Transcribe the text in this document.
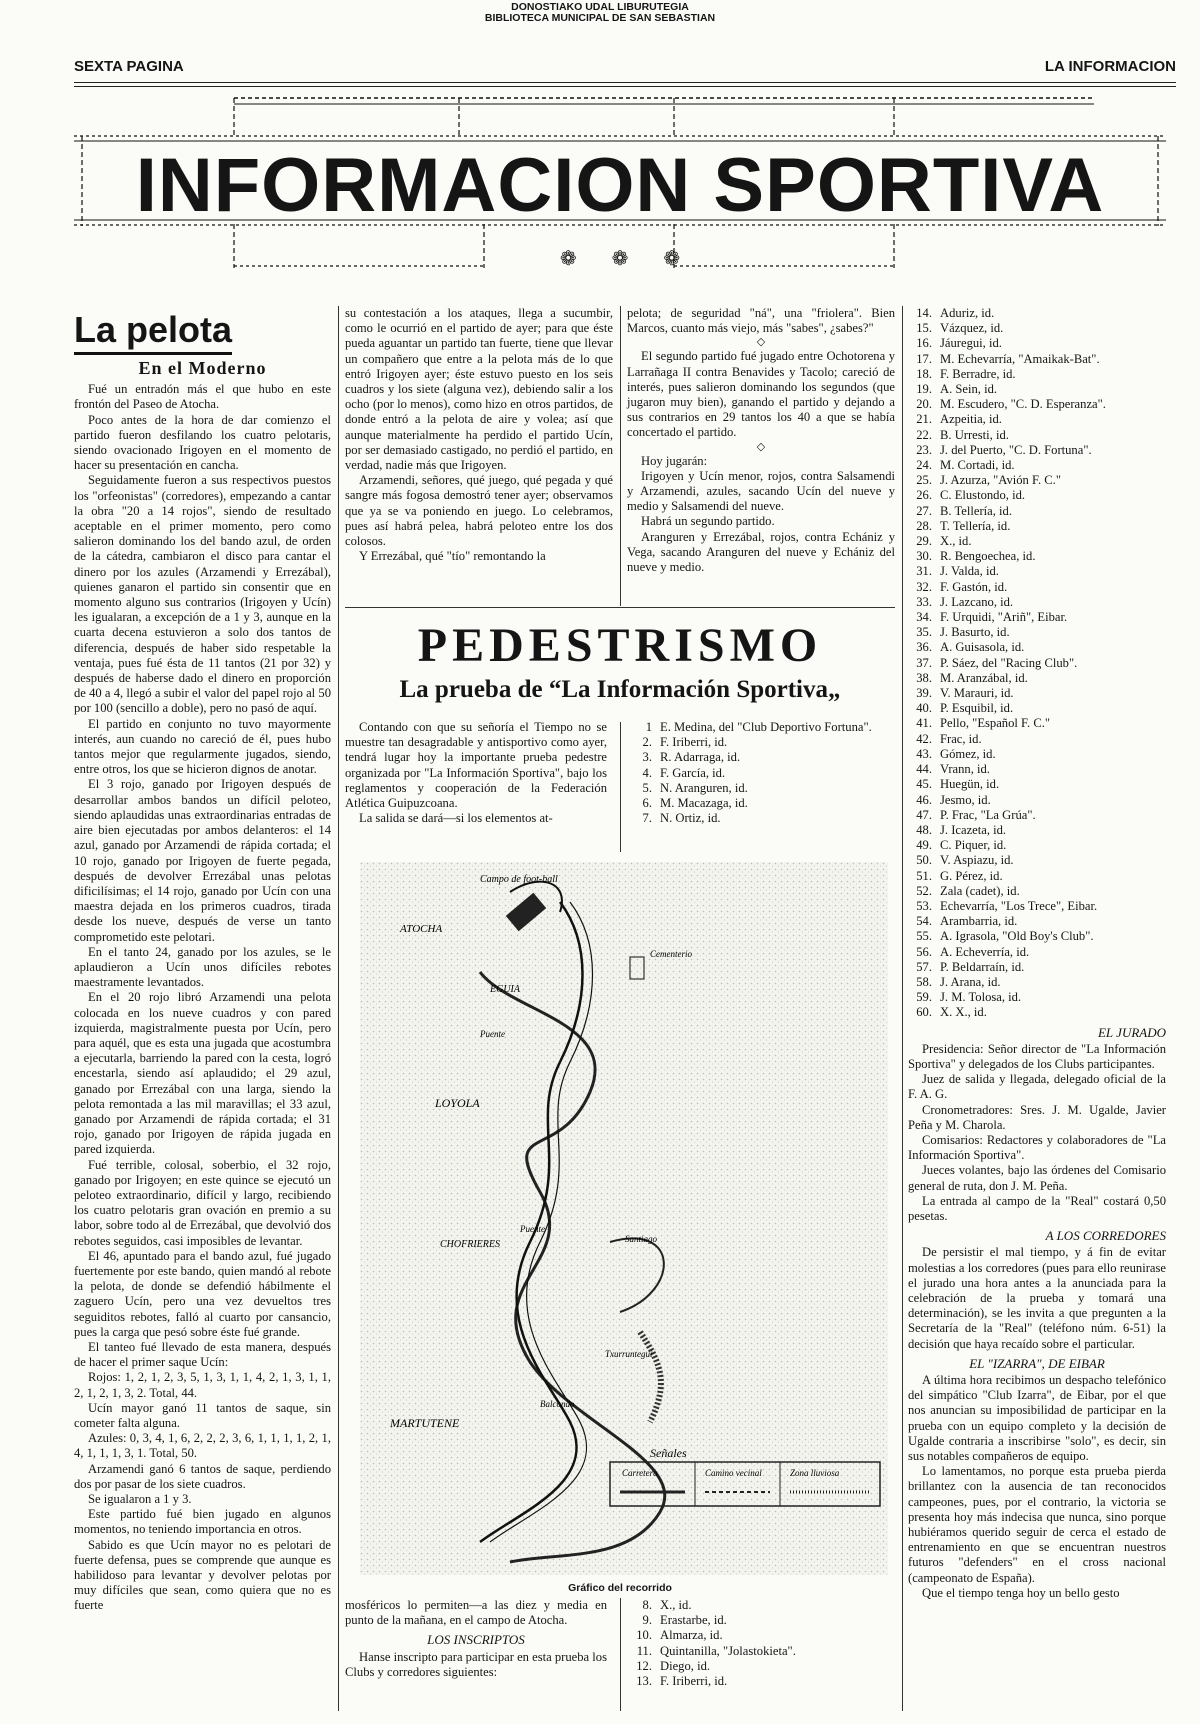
DONOSTIAKO UDAL LIBURUTEGIA
BIBLIOTECA MUNICIPAL DE SAN SEBASTIAN
SEXTA PAGINA	LA INFORMACION
INFORMACION SPORTIVA
❁ ❁ ❁
La pelota
En el Moderno

Fué un entradón más el que hubo en este frontón del Paseo de Atocha.

Poco antes de la hora de dar comienzo el partido fueron desfilando los cuatro pelotaris, siendo ovacionado Irigoyen en el momento de hacer su presentación en cancha.

Seguidamente fueron a sus respectivos puestos los "orfeonistas" (corredores), empezando a cantar la obra "20 a 14 rojos", siendo de resultado aceptable en el primer momento, pero como salieron dominando los del bando azul, de orden de la cátedra, cambiaron el disco para cantar el dinero por los azules (Arzamendi y Errezábal), quienes ganaron el partido sin consentir que en momento alguno sus contrarios (Irigoyen y Ucín) les igualaran, a excepción de a 1 y 3, aunque en la cuarta decena estuvieron a solo dos tantos de diferencia, después de haber sido respetable la ventaja, pues fué ésta de 11 tantos (21 por 32) y después de haberse dado el dinero en proporción de 40 a 4, llegó a subir el valor del papel rojo al 50 por 100 (sencillo a doble), pero no pasó de aquí.

El partido en conjunto no tuvo mayormente interés, aun cuando no careció de él, pues hubo tantos mejor que regularmente jugados, siendo, entre otros, los que se hicieron dignos de anotar.

El 3 rojo, ganado por Irigoyen después de desarrollar ambos bandos un difícil peloteo, siendo aplaudidas unas extraordinarias entradas de aire bien ejecutadas por ambos delanteros: el 14 azul, ganado por Arzamendi de rápida cortada; el 10 rojo, ganado por Irigoyen de fuerte pegada, después de devolver Errezábal unas pelotas dificilísimas; el 14 rojo, ganado por Ucín con una maestra dejada en los primeros cuadros, tirada desde los nueve, después de verse un tanto comprometido este pelotari.

En el tanto 24, ganado por los azules, se le aplaudieron a Ucín unos difíciles rebotes maestramente levantados.

En el 20 rojo libró Arzamendi una pelota colocada en los nueve cuadros y con pared izquierda, magistralmente puesta por Ucín, pero para aquél, que es esta una jugada que acostumbra a ejecutarla, barriendo la pared con la cesta, logró encestarla, siendo así aplaudido; el 29 azul, ganado por Errezábal con una larga, siendo la pelota remontada a las mil maravillas; el 33 azul, ganado por Arzamendi de rápida cortada; el 31 rojo, ganado por Irigoyen de rápida jugada en pared izquierda.

Fué terrible, colosal, soberbio, el 32 rojo, ganado por Irigoyen; en este quince se ejecutó un peloteo extraordinario, difícil y largo, recibiendo los cuatro pelotaris gran ovación en premio a su labor, sobre todo al de Errezábal, que devolvió dos rebotes seguidos, casi imposibles de levantar.

El 46, apuntado para el bando azul, fué jugado fuertemente por este bando, quien mandó al rebote la pelota, de donde se defendió hábilmente el zaguero Ucín, pero una vez devueltos tres seguiditos rebotes, falló al cuarto por cansancio, pues la carga que pesó sobre éste fué grande.

El tanteo fué llevado de esta manera, después de hacer el primer saque Ucín:

Rojos: 1, 2, 1, 2, 3, 5, 1, 3, 1, 1, 4, 2, 1, 3, 1, 1, 2, 1, 2, 1, 3, 2. Total, 44.

Ucín mayor ganó 11 tantos de saque, sin cometer falta alguna.

Azules: 0, 3, 4, 1, 6, 2, 2, 2, 3, 6, 1, 1, 1, 1, 2, 1, 4, 1, 1, 1, 3, 1. Total, 50.

Arzamendi ganó 6 tantos de saque, perdiendo dos por pasar de los siete cuadros.

Se igualaron a 1 y 3.

Este partido fué bien jugado en algunos momentos, no teniendo importancia en otros.

Sabido es que Ucín mayor no es pelotari de fuerte defensa, pues se comprende que aunque es habilidoso para levantar y devolver pelotas por muy difíciles que sean, como quiera que no es fuerte

su contestación a los ataques, llega a sucumbir, como le ocurrió en el partido de ayer; para que éste pueda aguantar un partido tan fuerte, tiene que llevar un compañero que entre a la pelota más de lo que entró Irigoyen ayer; éste estuvo puesto en los seis cuadros y los siete (alguna vez), debiendo salir a los ocho (por lo menos), como hizo en otros partidos, de donde entró a la pelota de aire y volea; así que aunque materialmente ha perdido el partido Ucín, por ser demasiado castigado, no perdió el partido, en verdad, nadie más que Irigoyen.

Arzamendi, señores, qué juego, qué pegada y qué sangre más fogosa demostró tener ayer; observamos que ya se va poniendo en juego. Lo celebramos, pues así habrá pelea, habrá peloteo entre los dos colosos.

Y Errezábal, qué "tío" remontando la

pelota; de seguridad "ná", una "friolera". Bien Marcos, cuanto más viejo, más "sabes", ¿sabes?"

◇

El segundo partido fué jugado entre Ochotorena y Larrañaga II contra Benavides y Tacolo; careció de interés, pues salieron dominando los segundos (que jugaron muy bien), ganando el partido y dejando a sus contrarios en 29 tantos los 40 a que se había concertado el partido.

◇

Hoy jugarán:

Irigoyen y Ucín menor, rojos, contra Salsamendi y Arzamendi, azules, sacando Ucín del nueve y medio y Salsamendi del nueve.

Habrá un segundo partido.

Aranguren y Errezábal, rojos, contra Echániz y Vega, sacando Aranguren del nueve y Echániz del nueve y medio.

PEDESTRISMO
La prueba de “La Información Sportiva„

Contando con que su señoría el Tiempo no se muestre tan desagradable y antisportivo como ayer, tendrá lugar hoy la importante prueba pedestre organizada por "La Información Sportiva", bajo los reglamentos y cooperación de la Federación Atlética Guipuzcoana.

La salida se dará—si los elementos at-

1 E. Medina, del "Club Deportivo Fortuna".
2. F. Iriberri, id.
3. R. Adarraga, id.
4. F. García, id.
5. N. Aranguren, id.
6. M. Macazaga, id.
7. N. Ortiz, id.
Campo de foot-ball
ATOCHA
EGUIA
Cementerio
Puente
LOYOLA
CHOFRIERES
Puente
Santiago
Txurruntegui
Balcondo
MARTUTENE
Señales
Carretera	Camino vecinal	Zona lluviosa
Gráfico del recorrido

mosféricos lo permiten—a las diez y media en punto de la mañana, en el campo de Atocha.

LOS INSCRIPTOS

Hanse inscripto para participar en esta prueba los Clubs y corredores siguientes:

8. X., id.
9. Erastarbe, id.
10. Almarza, id.
11. Quintanilla, "Jolastokieta".
12. Diego, id.
13. F. Iriberri, id.
14. Aduriz, id.
15. Vázquez, id.
16. Jáuregui, id.
17. M. Echevarría, "Amaikak-Bat".
18. F. Berradre, id.
19. A. Sein, id.
20. M. Escudero, "C. D. Esperanza".
21. Azpeitia, id.
22. B. Urresti, id.
23. J. del Puerto, "C. D. Fortuna".
24. M. Cortadi, id.
25. J. Azurza, "Avión F. C."
26. C. Elustondo, id.
27. B. Tellería, id.
28. T. Tellería, id.
29. X., id.
30. R. Bengoechea, id.
31. J. Valda, id.
32. F. Gastón, id.
33. J. Lazcano, id.
34. F. Urquidi, "Ariñ", Eibar.
35. J. Basurto, id.
36. A. Guisasola, id.
37. P. Sáez, del "Racing Club".
38. M. Aranzábal, id.
39. V. Marauri, id.
40. P. Esquibil, id.
41. Pello, "Español F. C."
42. Frac, id.
43. Gómez, id.
44. Vrann, id.
45. Huegün, id.
46. Jesmo, id.
47. P. Frac, "La Grúa".
48. J. Icazeta, id.
49. C. Piquer, id.
50. V. Aspiazu, id.
51. G. Pérez, id.
52. Zala (cadet), id.
53. Echevarría, "Los Trece", Eibar.
54. Arambarria, id.
55. A. Igrasola, "Old Boy's Club".
56. A. Echeverría, id.
57. P. Beldarraín, id.
58. J. Arana, id.
59. J. M. Tolosa, id.
60. X. X., id.
EL JURADO

Presidencia: Señor director de "La Información Sportiva" y delegados de los Clubs participantes.

Juez de salida y llegada, delegado oficial de la F. A. G.

Cronometradores: Sres. J. M. Ugalde, Javier Peña y M. Charola.

Comisarios: Redactores y colaboradores de "La Información Sportiva".

Jueces volantes, bajo las órdenes del Comisario general de ruta, don J. M. Peña.

La entrada al campo de la "Real" costará 0,50 pesetas.

A LOS CORREDORES

De persistir el mal tiempo, y á fin de evitar molestias a los corredores (pues para ello reunirase el jurado una hora antes a la anunciada para la celebración de la prueba y tomará una determinación), se les invita a que pregunten a la Secretaría de la "Real" (teléfono núm. 6-51) la decisión que haya recaído sobre el particular.

EL "IZARRA", DE EIBAR

A última hora recibimos un despacho telefónico del simpático "Club Izarra", de Eibar, por el que nos anuncian su imposibilidad de participar en la prueba con un equipo completo y la decisión de Ugalde contraria a inscribirse "solo", es decir, sin sus notables compañeros de equipo.

Lo lamentamos, no porque esta prueba pierda brillantez con la ausencia de tan reconocidos campeones, pues, por el contrario, la victoria se presenta hoy más indecisa que nunca, sino porque hubiéramos querido seguir de cerca el estado de entrenamiento en que se encuentran nuestros futuros "defenders" en el cross nacional (campeonato de España).

Que el tiempo tenga hoy un bello gesto
